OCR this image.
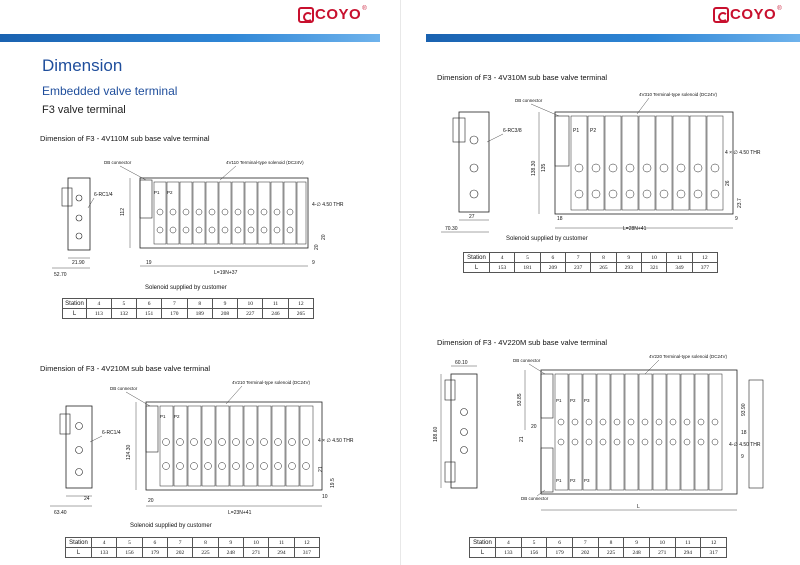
COYO ®
Dimension
Embedded valve terminal
F3 valve terminal
Dimension of F3 - 4V110M sub base valve terminal
21.90
52.70
6-RC1/4
DB connector	4V110 Terminal-type solenoid (DC24V)
P1 P2
112
19
L=19N+37
9
4-∅ 4.50 THR
20
20
Solenoid supplied by customer
Station	4	5	6	7	8	9	10	11	12
L	113	132	151	170	189	208	227	246	265
Dimension of F3 - 4V210M sub base valve terminal
24
63.40
6-RC1/4
DB connector
4V210 Terminal-type solenoid (DC24V)
P1 P2
124.30
20
L=23N+41
10
4 × ∅ 4.50 THR
21
19.5
Solenoid supplied by customer
Station	4	5	6	7	8	9	10	11	12
L	133	156	179	202	225	248	271	294	317
COYO ®
Dimension of F3 - 4V310M sub base valve terminal
27
70.30
6-RC3/8
DB connector
4V310 Terminal-type solenoid (DC24V)
P1 P2
138.30 135
18
L=28N+41
9
4 × ∅ 4.50 THR
26
23.7
Solenoid supplied by customer
Station	4	5	6	7	8	9	10	11	12
L	153	181	209	237	265	293	321	349	377
Dimension of F3 - 4V220M sub base valve terminal
60.10
188.60
DB connector
DB connector
4V220 Terminal-type solenoid (DC24V)
P1 P2 P3
P1 P2 P3
93.85
21
20
L
4-∅ 4.50 THR
93.90
18
9
Station	4	5	6	7	8	9	10	11	12
L	133	156	179	202	225	248	271	294	317
